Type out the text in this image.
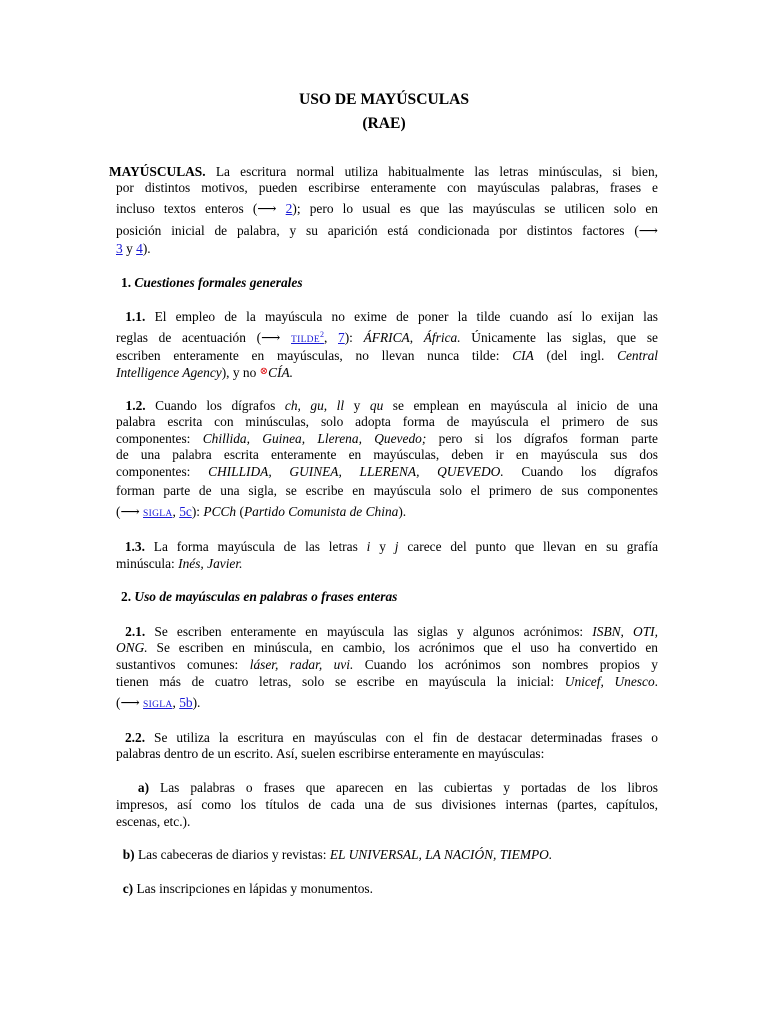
USO DE MAYÚSCULAS
(RAE)
MAYÚSCULAS. La escritura normal utiliza habitualmente las letras minúsculas, si bien,
por distintos motivos, pueden escribirse enteramente con mayúsculas palabras, frases e
incluso textos enteros (⟶ 2); pero lo usual es que las mayúsculas se utilicen solo en
posición inicial de palabra, y su aparición está condicionada por distintos factores (⟶
3 y 4).
1. Cuestiones formales generales
1.1. El empleo de la mayúscula no exime de poner la tilde cuando así lo exijan las
reglas de acentuación (⟶ TILDE$^2$, 7): ÁFRICA, África. Únicamente las siglas, que se
escriben enteramente en mayúsculas, no llevan nunca tilde: CIA (del ingl. Central
Intelligence Agency), y no ⊗CÍA.
1.2. Cuando los dígrafos ch, gu, ll y qu se emplean en mayúscula al inicio de una
palabra escrita con minúsculas, solo adopta forma de mayúscula el primero de sus
componentes: Chillida, Guinea, Llerena, Quevedo; pero si los dígrafos forman parte
de una palabra escrita enteramente en mayúsculas, deben ir en mayúscula sus dos
componentes: CHILLIDA, GUINEA, LLERENA, QUEVEDO. Cuando los dígrafos
forman parte de una sigla, se escribe en mayúscula solo el primero de sus componentes
(⟶ SIGLA, 5c): PCCh (Partido Comunista de China).
1.3. La forma mayúscula de las letras i y j carece del punto que llevan en su grafía
minúscula: Inés, Javier.
2. Uso de mayúsculas en palabras o frases enteras
2.1. Se escriben enteramente en mayúscula las siglas y algunos acrónimos: ISBN, OTI,
ONG. Se escriben en minúscula, en cambio, los acrónimos que el uso ha convertido en
sustantivos comunes: láser, radar, uvi. Cuando los acrónimos son nombres propios y
tienen más de cuatro letras, solo se escribe en mayúscula la inicial: Unicef, Unesco.
(⟶ SIGLA, 5b).
2.2. Se utiliza la escritura en mayúsculas con el fin de destacar determinadas frases o
palabras dentro de un escrito. Así, suelen escribirse enteramente en mayúsculas:
a) Las palabras o frases que aparecen en las cubiertas y portadas de los libros
impresos, así como los títulos de cada una de sus divisiones internas (partes, capítulos,
escenas, etc.).
b) Las cabeceras de diarios y revistas: EL UNIVERSAL, LA NACIÓN, TIEMPO.
c) Las inscripciones en lápidas y monumentos.
